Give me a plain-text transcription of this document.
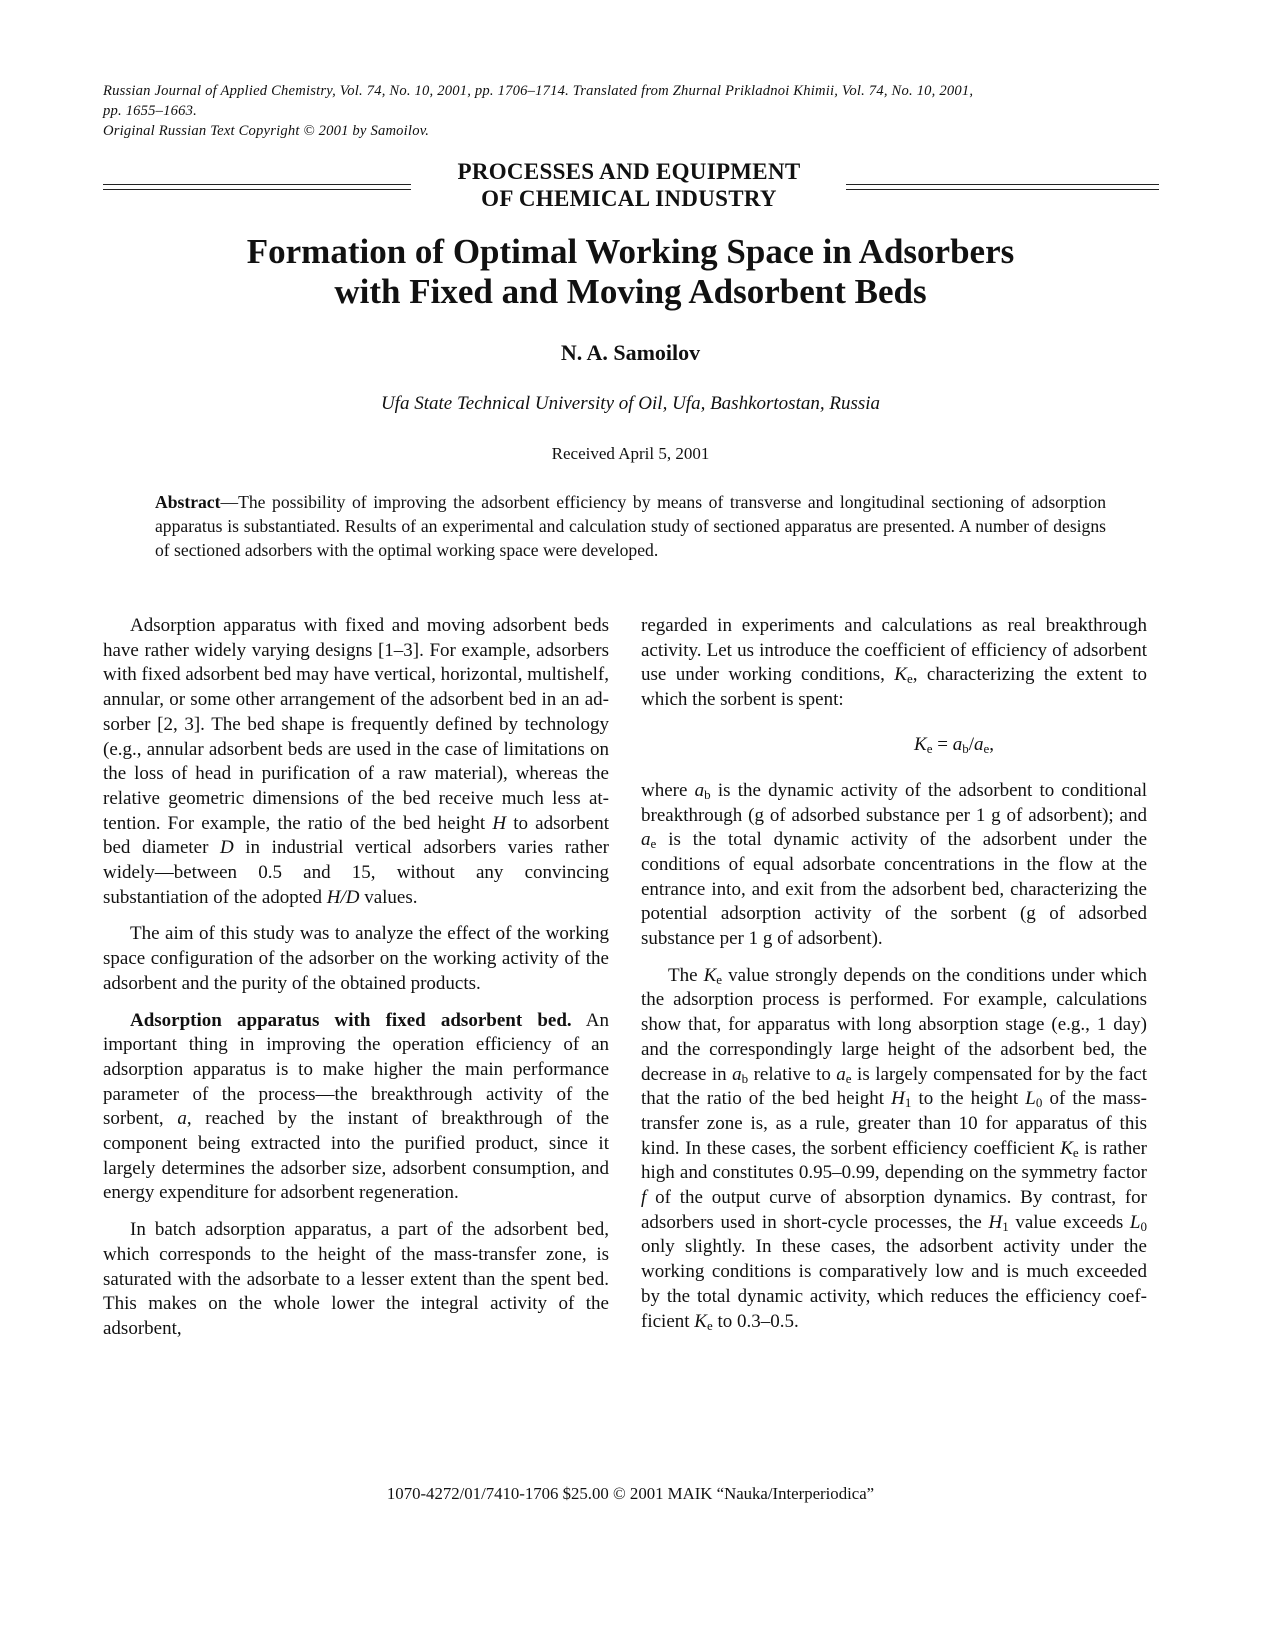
Russian Journal of Applied Chemistry, Vol. 74, No. 10, 2001, pp. 1706–1714. Translated from Zhurnal Prikladnoi Khimii, Vol. 74, No. 10, 2001,
pp. 1655–1663.
Original Russian Text Copyright © 2001 by Samoilov.
PROCESSES AND EQUIPMENT
OF CHEMICAL INDUSTRY
Formation of Optimal Working Space in Adsorbers
with Fixed and Moving Adsorbent Beds
N. A. Samoilov
Ufa State Technical University of Oil, Ufa, Bashkortostan, Russia
Received April 5, 2001
Abstract—The possibility of improving the adsorbent efficiency by means of transverse and longitudinal sectioning of adsorption apparatus is substantiated. Results of an experimental and calculation study of sectioned apparatus are presented. A number of designs of sectioned adsorbers with the optimal working space were developed.

Adsorption apparatus with fixed and moving adsorbent beds have rather widely varying designs [1–3]. For example, adsorbers with fixed adsorbent bed may have vertical, horizontal, multishelf, annular, or some other arrangement of the adsorbent bed in an adsorber [2, 3]. The bed shape is frequently defined by technology (e.g., annular adsorbent beds are used in the case of limitations on the loss of head in purification of a raw material), whereas the relative geometric dimensions of the bed receive much less attention. For example, the ratio of the bed height H to adsorbent bed diameter D in industrial vertical adsorbers varies rather widely—between 0.5 and 15, without any convincing substantiation of the adopted H/D values.

The aim of this study was to analyze the effect of the working space configuration of the adsorber on the working activity of the adsorbent and the purity of the obtained products.

Adsorption apparatus with fixed adsorbent bed. An important thing in improving the operation efficiency of an adsorption apparatus is to make higher the main performance parameter of the process—the breakthrough activity of the sorbent, a, reached by the instant of breakthrough of the component being extracted into the purified product, since it largely determines the adsorber size, adsorbent consumption, and energy expenditure for adsorbent regeneration.

In batch adsorption apparatus, a part of the adsorbent bed, which corresponds to the height of the mass-transfer zone, is saturated with the adsorbate to a lesser extent than the spent bed. This makes on the whole lower the integral activity of the adsorbent,

regarded in experiments and calculations as real breakthrough activity. Let us introduce the coefficient of efficiency of adsorbent use under working conditions, $K_e$, characterizing the extent to which the sorbent is spent:

$K_e = a_b/a_e$,

where $a_b$ is the dynamic activity of the adsorbent to conditional breakthrough (g of adsorbed substance per 1 g of adsorbent); and $a_e$ is the total dynamic activity of the adsorbent under the conditions of equal adsorbate concentrations in the flow at the entrance into, and exit from the adsorbent bed, characterizing the potential adsorption activity of the sorbent (g of adsorbed substance per 1 g of adsorbent).

The $K_e$ value strongly depends on the conditions under which the adsorption process is performed. For example, calculations show that, for apparatus with long absorption stage (e.g., 1 day) and the correspondingly large height of the adsorbent bed, the decrease in $a_b$ relative to $a_e$ is largely compensated for by the fact that the ratio of the bed height $H_1$ to the height $L_0$ of the mass-transfer zone is, as a rule, greater than 10 for apparatus of this kind. In these cases, the sorbent efficiency coefficient $K_e$ is rather high and constitutes 0.95–0.99, depending on the symmetry factor f of the output curve of absorption dynamics. By contrast, for adsorbers used in short-cycle processes, the $H_1$ value exceeds $L_0$ only slightly. In these cases, the adsorbent activity under the working conditions is comparatively low and is much exceeded by the total dynamic activity, which reduces the efficiency coefficient $K_e$ to 0.3–0.5.

1070-4272/01/7410-1706 $25.00 © 2001 MAIK “Nauka/Interperiodica”
